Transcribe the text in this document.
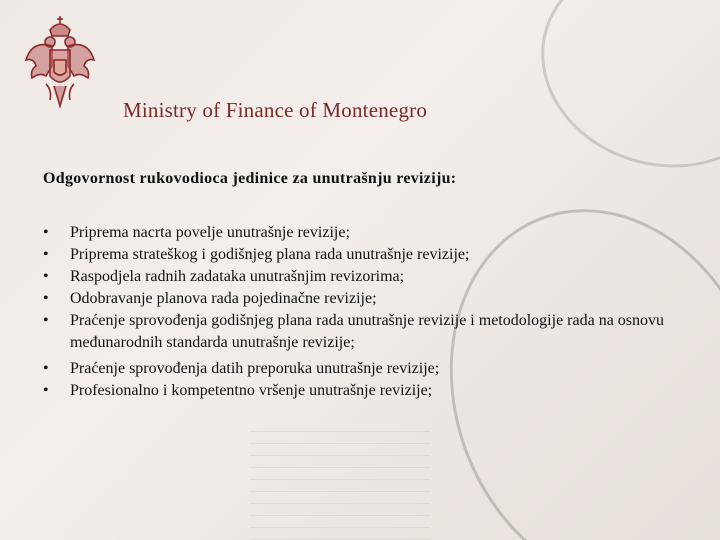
Ministry of Finance of Montenegro
Odgovornost rukovodioca jedinice za unutrašnju reviziju:
• Priprema nacrta povelje unutrašnje revizije;
• Priprema strateškog i godišnjeg plana rada unutrašnje revizije;
• Raspodjela radnih zadataka unutrašnjim revizorima;
• Odobravanje planova rada pojedinačne revizije;
• Praćenje sprovođenja godišnjeg plana rada unutrašnje revizije i metodologije rada na osnovu međunarodnih standarda unutrašnje revizije;
• Praćenje sprovođenja datih preporuka unutrašnje revizije;
• Profesionalno i kompetentno vršenje unutrašnje revizije;
